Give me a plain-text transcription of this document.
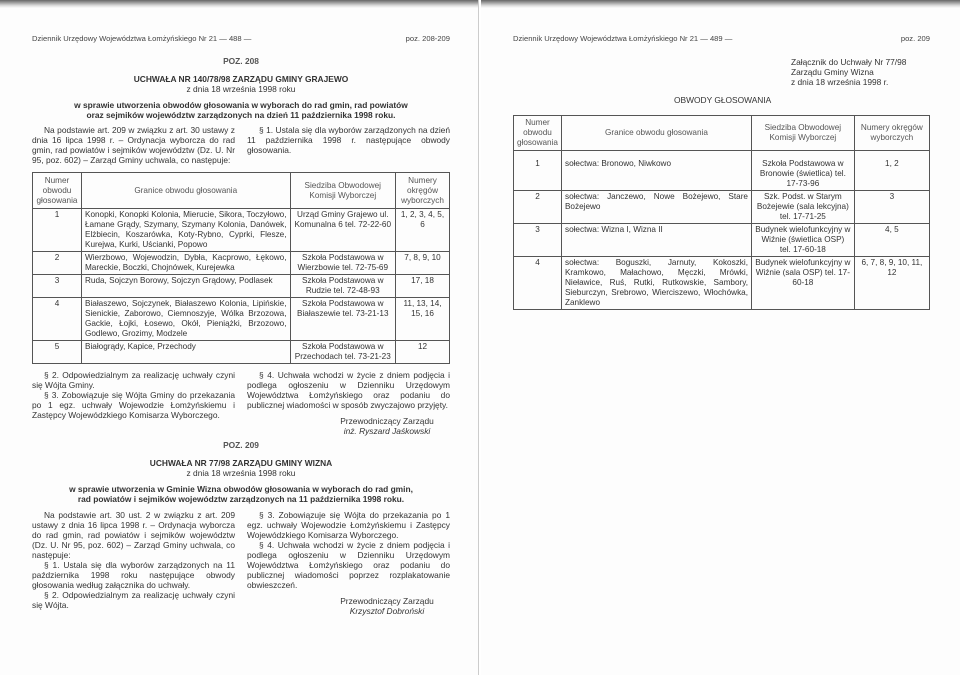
Dziennik Urzędowy Województwa Łomżyńskiego Nr 21 — 488 —	poz. 208-209
POZ. 208
UCHWAŁA NR 140/78/98 ZARZĄDU GMINY GRAJEWO
z dnia 18 września 1998 roku
w sprawie utworzenia obwodów głosowania w wyborach do rad gmin, rad powiatów
oraz sejmików województw zarządzonych na dzień 11 października 1998 roku.
Na podstawie art. 209 w związku z art. 30 ustawy z dnia 16 lipca 1998 r. – Ordynacja wyborcza do rad gmin, rad powiatów i sejmików województw (Dz. U. Nr 95, poz. 602) – Zarząd Gminy uchwala, co następuje:
§ 1. Ustala się dla wyborów zarządzonych na dzień 11 października 1998 r. następujące obwody głosowania.
Numer obwodu głosowania	Granice obwodu głosowania	Siedziba Obwodowej Komisji Wyborczej	Numery okręgów wyborczych
1	Konopki, Konopki Kolonia, Mierucie, Sikora, Toczyłowo, Łamane Grądy, Szymany, Szymany Kolonia, Danówek, Elżbiecin, Koszarówka, Koty-Rybno, Cyprki, Flesze, Kurejwa, Kurki, Uścianki, Popowo	Urząd Gminy Grajewo ul. Komunalna 6 tel. 72-22-60	1, 2, 3, 4, 5, 6
2	Wierzbowo, Wojewodzin, Dybła, Kacprowo, Łękowo, Mareckie, Boczki, Chojnówek, Kurejewka	Szkoła Podstawowa w Wierzbowie tel. 72-75-69	7, 8, 9, 10
3	Ruda, Sojczyn Borowy, Sojczyn Grądowy, Podlasek	Szkoła Podstawowa w Rudzie tel. 72-48-93	17, 18
4	Białaszewo, Sojczynek, Białaszewo Kolonia, Lipińskie, Sienickie, Zaborowo, Ciemnoszyje, Wólka Brzozowa, Gackie, Łojki, Łosewo, Okół, Pieniążki, Brzozowo, Godlewo, Grozimy, Modzele	Szkoła Podstawowa w Białaszewie tel. 73-21-13	11, 13, 14, 15, 16
5	Białogrądy, Kapice, Przechody	Szkoła Podstawowa w Przechodach tel. 73-21-23	12
§ 2. Odpowiedzialnym za realizację uchwały czyni się Wójta Gminy.
§ 3. Zobowiązuje się Wójta Gminy do przekazania po 1 egz. uchwały Wojewodzie Łomżyńskiemu i Zastępcy Wojewódzkiego Komisarza Wyborczego.
§ 4. Uchwała wchodzi w życie z dniem podjęcia i podlega ogłoszeniu w Dzienniku Urzędowym Województwa Łomżyńskiego oraz podaniu do publicznej wiadomości w sposób zwyczajowo przyjęty.
Przewodniczący Zarządu
inż. Ryszard Jaśkowski
POZ. 209
UCHWAŁA NR 77/98 ZARZĄDU GMINY WIZNA
z dnia 18 września 1998 roku
w sprawie utworzenia w Gminie Wizna obwodów głosowania w wyborach do rad gmin,
rad powiatów i sejmików województw zarządzonych na 11 października 1998 roku.
Na podstawie art. 30 ust. 2 w związku z art. 209 ustawy z dnia 16 lipca 1998 r. – Ordynacja wyborcza do rad gmin, rad powiatów i sejmików województw (Dz. U. Nr 95, poz. 602) – Zarząd Gminy uchwala, co następuje:
§ 1. Ustala się dla wyborów zarządzonych na 11 października 1998 roku następujące obwody głosowania według załącznika do uchwały.
§ 2. Odpowiedzialnym za realizację uchwały czyni się Wójta.
§ 3. Zobowiązuje się Wójta do przekazania po 1 egz. uchwały Wojewodzie Łomżyńskiemu i Zastępcy Wojewódzkiego Komisarza Wyborczego.
§ 4. Uchwała wchodzi w życie z dniem podjęcia i podlega ogłoszeniu w Dzienniku Urzędowym Województwa Łomżyńskiego oraz podaniu do publicznej wiadomości poprzez rozplakatowanie obwieszczeń.
Przewodniczący Zarządu
Krzysztof Dobroński
Dziennik Urzędowy Województwa Łomżyńskiego Nr 21 — 489 —	poz. 209
Załącznik do Uchwały Nr 77/98
Zarządu Gminy Wizna
z dnia 18 września 1998 r.
OBWODY GŁOSOWANIA
Numer obwodu głosowania	Granice obwodu głosowania	Siedziba Obwodowej Komisji Wyborczej	Numery okręgów wyborczych
1	sołectwa: Bronowo, Niwkowo	Szkoła Podstawowa w Bronowie (świetlica) tel. 17-73-96	1, 2
2	sołectwa: Janczewo, Nowe Bożejewo, Stare Bożejewo	Szk. Podst. w Starym Bożejewie (sala lekcyjna) tel. 17-71-25	3
3	sołectwa: Wizna I, Wizna II	Budynek wielofunkcyjny w Wiźnie (świetlica OSP) tel. 17-60-18	4, 5
4	sołectwa: Boguszki, Jarnuty, Kokoszki, Kramkowo, Małachowo, Męczki, Mrówki, Nieławice, Ruś, Rutki, Rutkowskie, Sambory, Sieburczyn, Srebrowo, Wierciszewo, Włochówka, Zanklewo	Budynek wielofunkcyjny w Wiźnie (sala OSP) tel. 17-60-18	6, 7, 8, 9, 10, 11, 12
